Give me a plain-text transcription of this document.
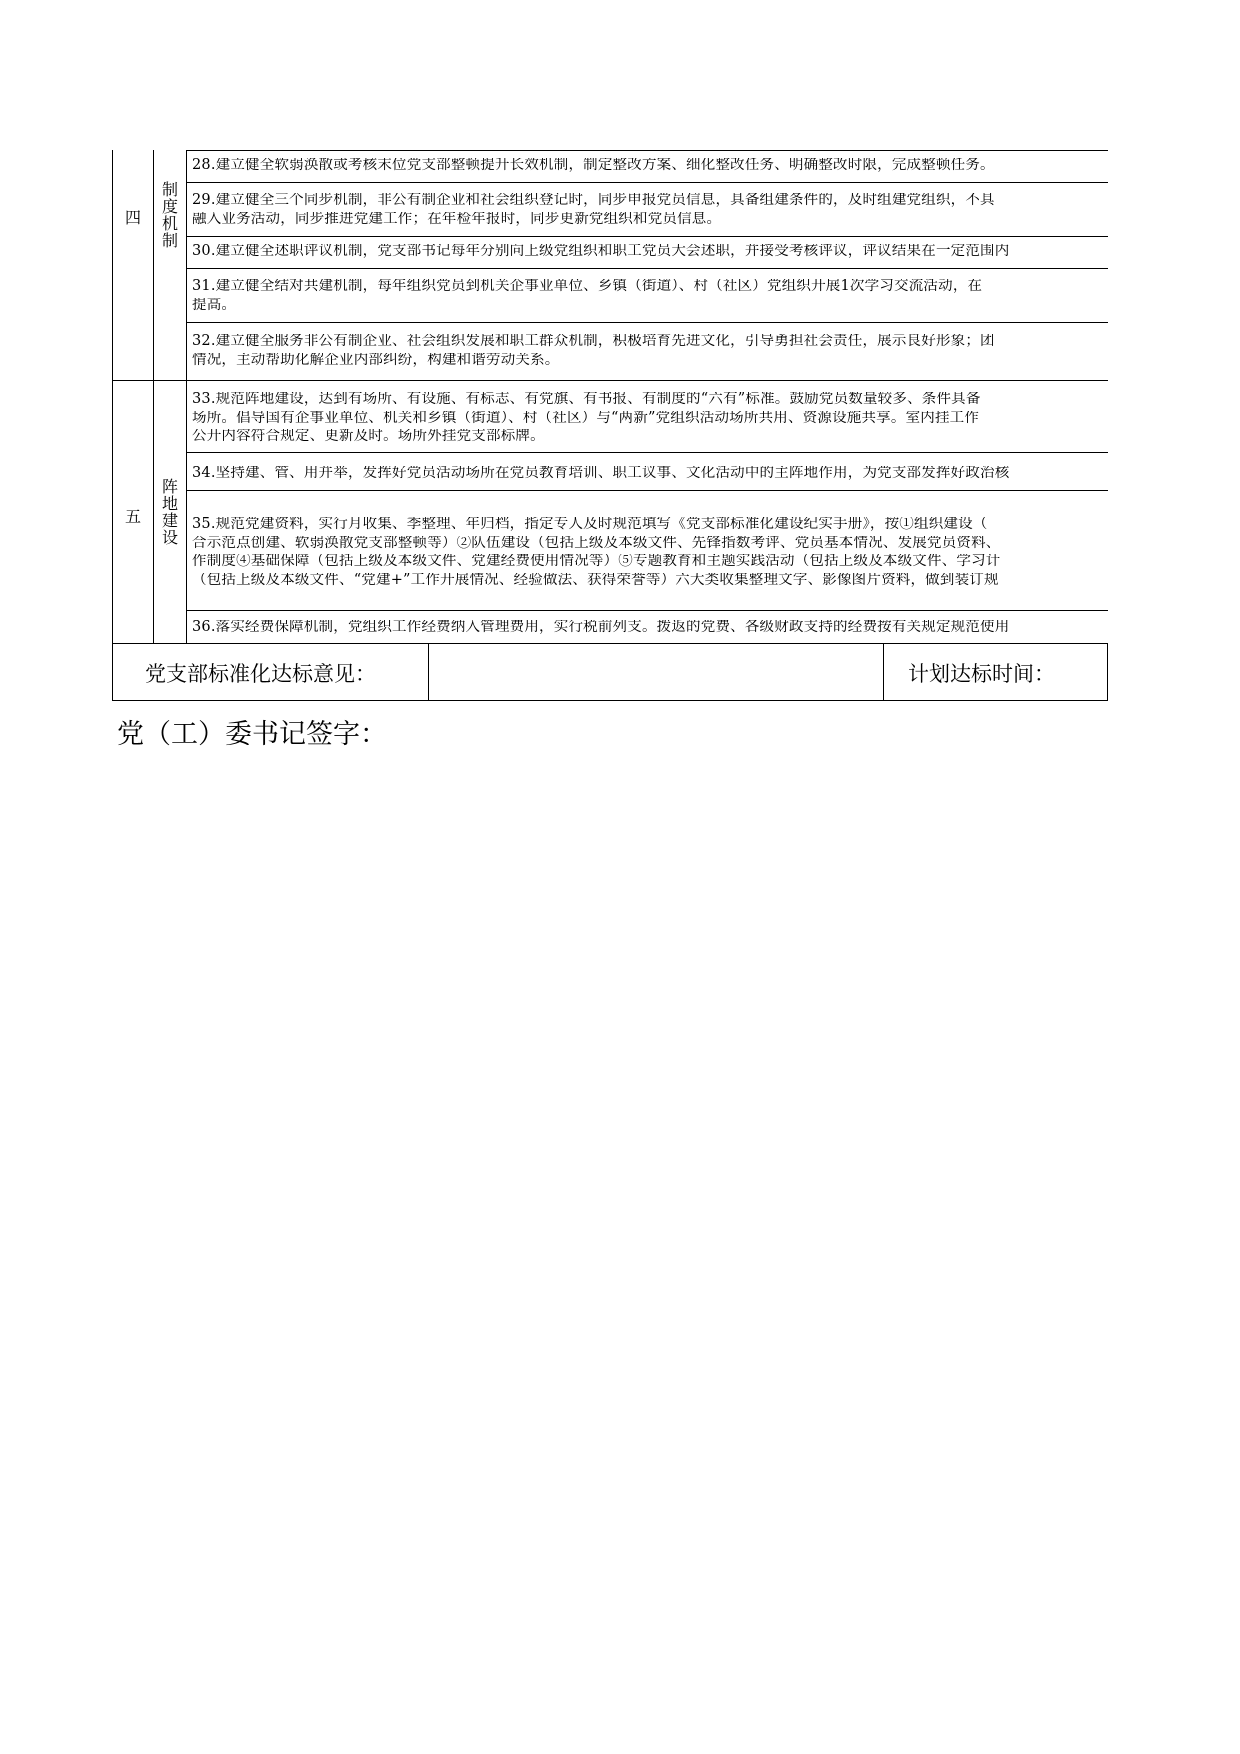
四
制
度
机
制
28.建立健全软弱涣散或考核末位党支部整顿提升长效机制，制定整改方案、细化整改任务、明确整改时限，完成整顿任务。
29.建立健全三个同步机制，非公有制企业和社会组织登记时，同步申报党员信息，具备组建条件的，及时组建党组织，不具
融入业务活动，同步推进党建工作；在年检年报时，同步更新党组织和党员信息。
30.建立健全述职评议机制，党支部书记每年分别向上级党组织和职工党员大会述职，并接受考核评议，评议结果在一定范围内
31.建立健全结对共建机制，每年组织党员到机关企事业单位、乡镇（街道）、村（社区）党组织开展1次学习交流活动，在
提高。
32.建立健全服务非公有制企业、社会组织发展和职工群众机制，积极培育先进文化，引导勇担社会责任，展示良好形象；团
情况，主动帮助化解企业内部纠纷，构建和谐劳动关系。
五
阵
地
建
设
33.规范阵地建设，达到有场所、有设施、有标志、有党旗、有书报、有制度的“六有”标准。鼓励党员数量较多、条件具备
场所。倡导国有企事业单位、机关和乡镇（街道）、村（社区）与“两新”党组织活动场所共用、资源设施共享。室内挂工作
公开内容符合规定、更新及时。场所外挂党支部标牌。
34.坚持建、管、用并举，发挥好党员活动场所在党员教育培训、职工议事、文化活动中的主阵地作用，为党支部发挥好政治核
35.规范党建资料，实行月收集、季整理、年归档，指定专人及时规范填写《党支部标准化建设纪实手册》，按①组织建设（
合示范点创建、软弱涣散党支部整顿等）②队伍建设（包括上级及本级文件、先锋指数考评、党员基本情况、发展党员资料、
作制度④基础保障（包括上级及本级文件、党建经费使用情况等）⑤专题教育和主题实践活动（包括上级及本级文件、学习计
（包括上级及本级文件、“党建+”工作开展情况、经验做法、获得荣誉等）六大类收集整理文字、影像图片资料，做到装订规
36.落实经费保障机制，党组织工作经费纳入管理费用，实行税前列支。拨返的党费、各级财政支持的经费按有关规定规范使用
党支部标准化达标意见：	计划达标时间：
党（工）委书记签字：
